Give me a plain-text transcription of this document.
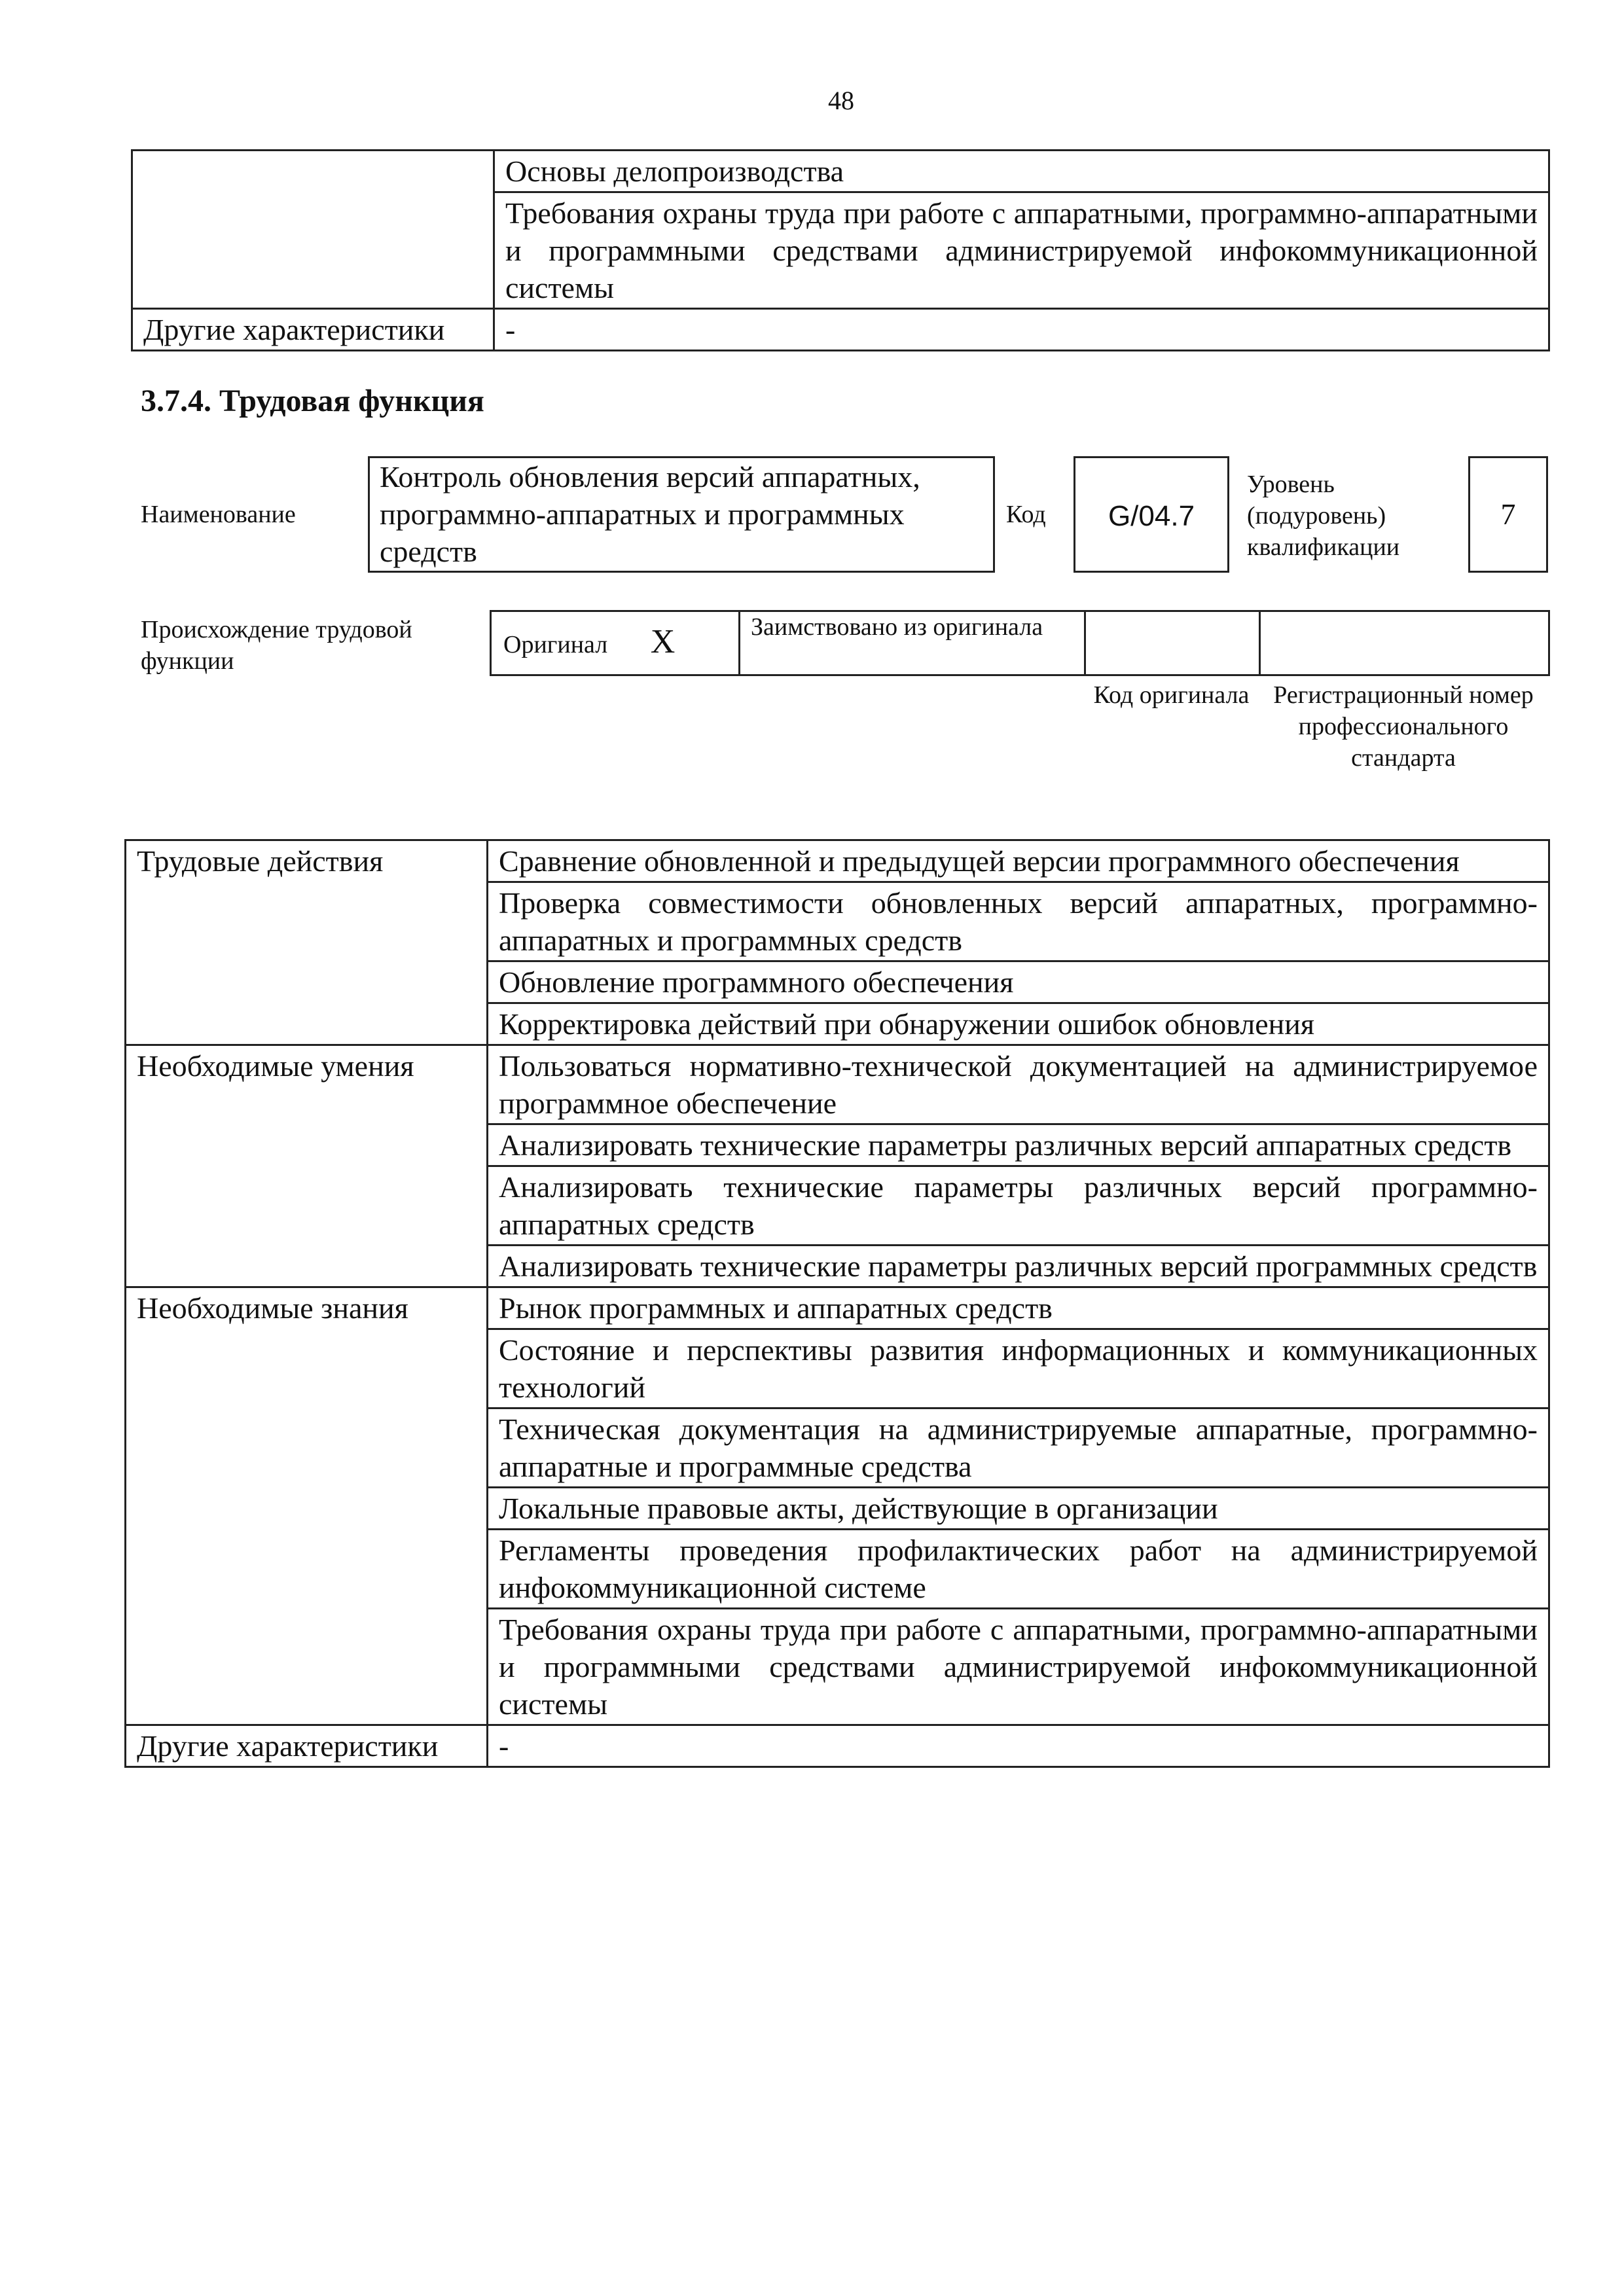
48
	Основы делопроизводства
	Требования охраны труда при работе с аппаратными, программно-аппаратными и программными средствами администрируемой инфокоммуникационной системы
Другие характеристики	-
3.7.4. Трудовая функция
Наименование
Контроль обновления версий аппаратных, программно-аппаратных и программных средств
Код	G/04.7
Уровень (подуровень) квалификации
7
Происхождение трудовой функции
Оригинал X	Заимствовано из оригинала		
Код оригинала Регистрационный номер профессионального стандарта
Трудовые действия	Сравнение обновленной и предыдущей версии программного обеспечения
	Проверка совместимости обновленных версий аппаратных, программно-аппаратных и программных средств
	Обновление программного обеспечения
	Корректировка действий при обнаружении ошибок обновления
Необходимые умения	Пользоваться нормативно-технической документацией на администрируемое программное обеспечение
	Анализировать технические параметры различных версий аппаратных средств
	Анализировать технические параметры различных версий программно-аппаратных средств
	Анализировать технические параметры различных версий программных средств
Необходимые знания	Рынок программных и аппаратных средств
	Состояние и перспективы развития информационных и коммуникационных технологий
	Техническая документация на администрируемые аппаратные, программно-аппаратные и программные средства
	Локальные правовые акты, действующие в организации
	Регламенты проведения профилактических работ на администрируемой инфокоммуникационной системе
	Требования охраны труда при работе с аппаратными, программно-аппаратными и программными средствами администрируемой инфокоммуникационной системы
Другие характеристики	-
